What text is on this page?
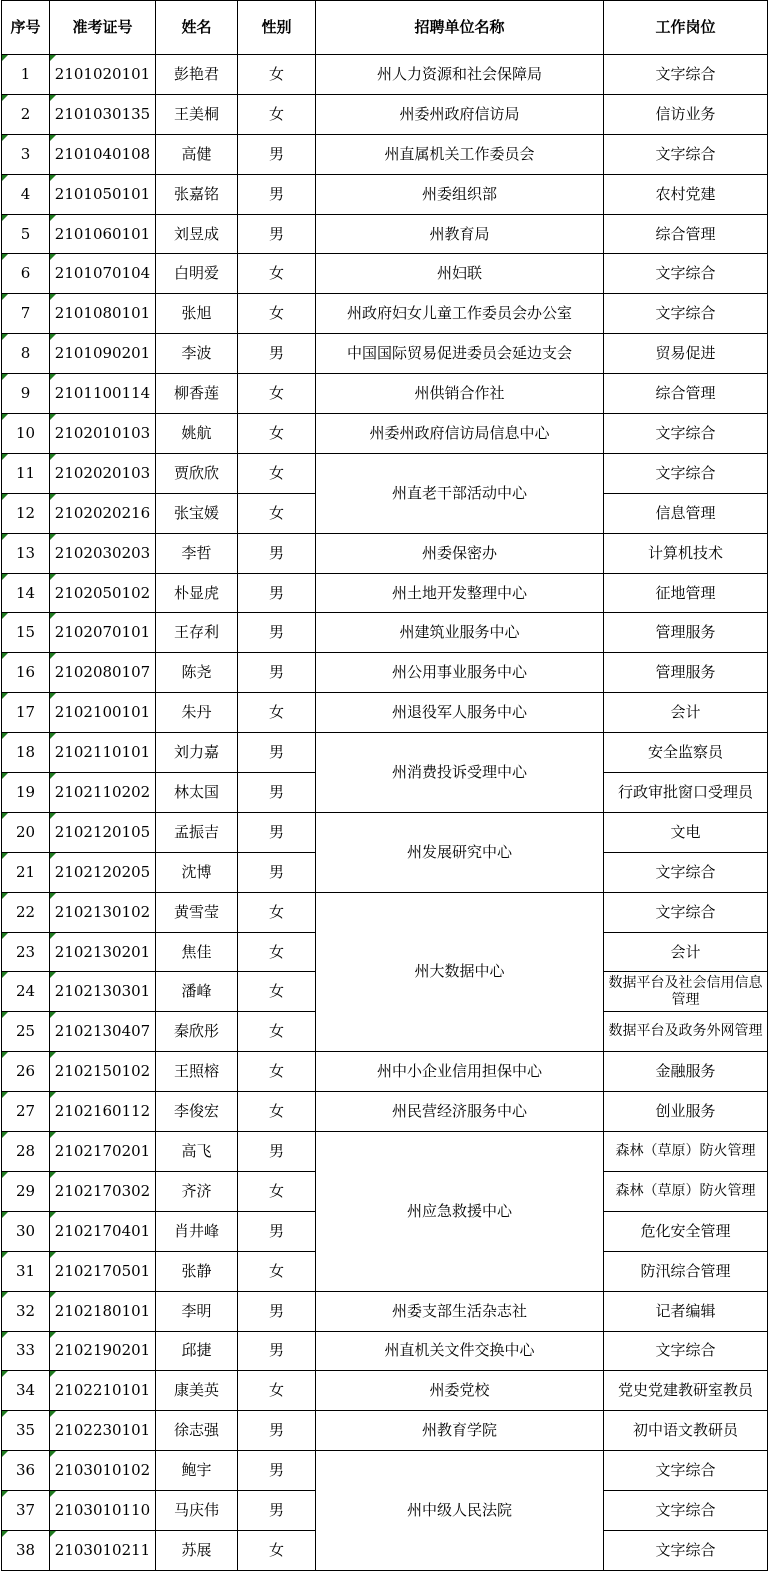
序号	准考证号	姓名	性别	招聘单位名称	工作岗位
1	2101020101	彭艳君	女	州人力资源和社会保障局	文字综合
2	2101030135	王美桐	女	州委州政府信访局	信访业务
3	2101040108	高健	男	州直属机关工作委员会	文字综合
4	2101050101	张嘉铭	男	州委组织部	农村党建
5	2101060101	刘昱成	男	州教育局	综合管理
6	2101070104	白明爱	女	州妇联	文字综合
7	2101080101	张旭	女	州政府妇女儿童工作委员会办公室	文字综合
8	2101090201	李波	男	中国国际贸易促进委员会延边支会	贸易促进
9	2101100114	柳香莲	女	州供销合作社	综合管理
10	2102010103	姚航	女	州委州政府信访局信息中心	文字综合
11	2102020103	贾欣欣	女	州直老干部活动中心	文字综合
12	2102020216	张宝媛	女		信息管理
13	2102030203	李哲	男	州委保密办	计算机技术
14	2102050102	朴显虎	男	州土地开发整理中心	征地管理
15	2102070101	王存利	男	州建筑业服务中心	管理服务
16	2102080107	陈尧	男	州公用事业服务中心	管理服务
17	2102100101	朱丹	女	州退役军人服务中心	会计
18	2102110101	刘力嘉	男	州消费投诉受理中心	安全监察员
19	2102110202	林太国	男		行政审批窗口受理员
20	2102120105	孟振吉	男	州发展研究中心	文电
21	2102120205	沈博	男		文字综合
22	2102130102	黄雪莹	女	州大数据中心	文字综合
23	2102130201	焦佳	女		会计
24	2102130301	潘峰	女		数据平台及社会信用信息管理
25	2102130407	秦欣彤	女		数据平台及政务外网管理
26	2102150102	王照榕	女	州中小企业信用担保中心	金融服务
27	2102160112	李俊宏	女	州民营经济服务中心	创业服务
28	2102170201	高飞	男	州应急救援中心	森林（草原）防火管理
29	2102170302	齐济	女		森林（草原）防火管理
30	2102170401	肖井峰	男		危化安全管理
31	2102170501	张静	女		防汛综合管理
32	2102180101	李明	男	州委支部生活杂志社	记者编辑
33	2102190201	邱捷	男	州直机关文件交换中心	文字综合
34	2102210101	康美英	女	州委党校	党史党建教研室教员
35	2102230101	徐志强	男	州教育学院	初中语文教研员
36	2103010102	鲍宇	男	州中级人民法院	文字综合
37	2103010110	马庆伟	男		文字综合
38	2103010211	苏展	女		文字综合
